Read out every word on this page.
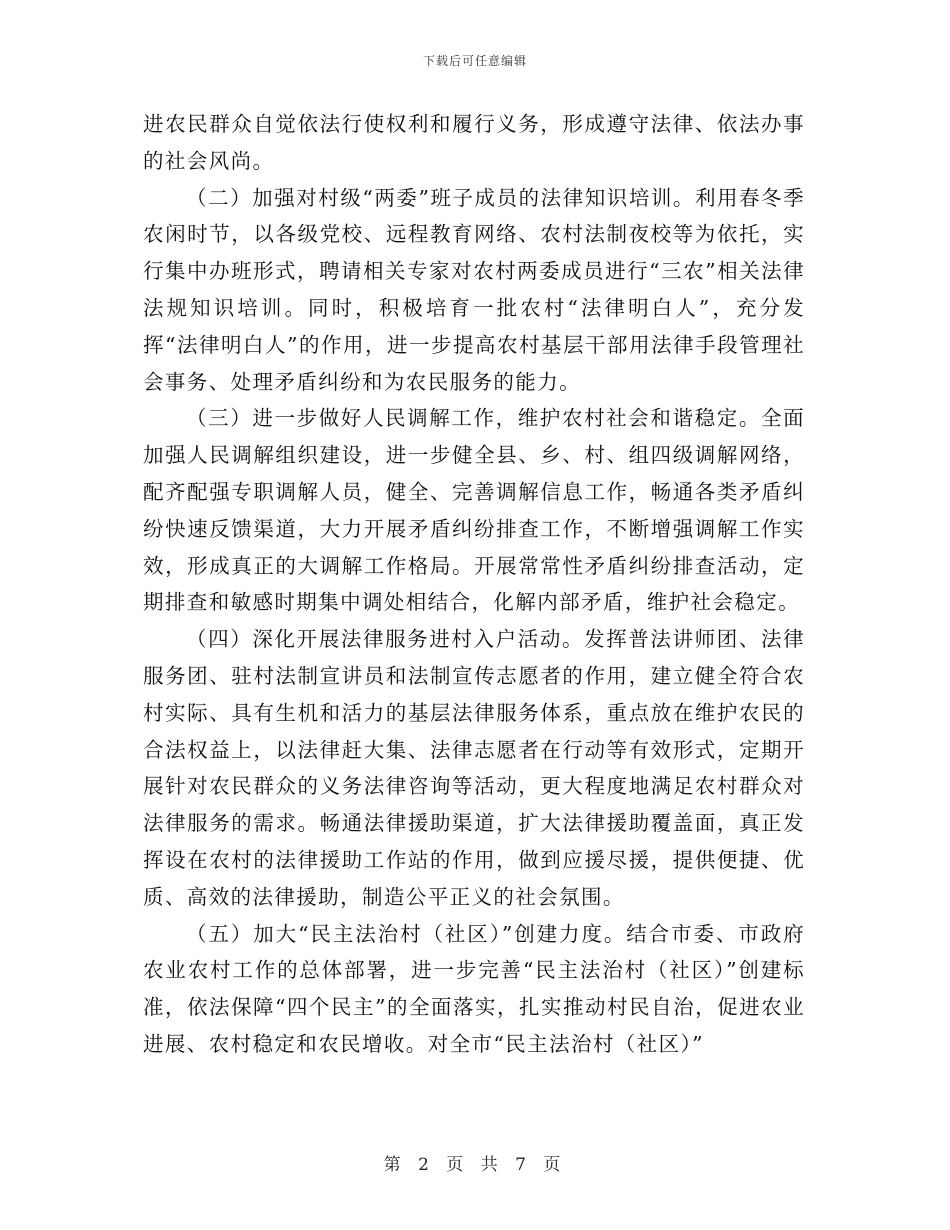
下载后可任意编辑

进农民群众自觉依法行使权利和履行义务，形成遵守法律、依法办事的社会风尚。

（二）加强对村级“两委”班子成员的法律知识培训。利用春冬季农闲时节，以各级党校、远程教育网络、农村法制夜校等为依托，实行集中办班形式，聘请相关专家对农村两委成员进行“三农”相关法律法规知识培训。同时，积极培育一批农村“法律明白人”，充分发挥“法律明白人”的作用，进一步提高农村基层干部用法律手段管理社会事务、处理矛盾纠纷和为农民服务的能力。

（三）进一步做好人民调解工作，维护农村社会和谐稳定。全面加强人民调解组织建设，进一步健全县、乡、村、组四级调解网络，配齐配强专职调解人员，健全、完善调解信息工作，畅通各类矛盾纠纷快速反馈渠道，大力开展矛盾纠纷排查工作，不断增强调解工作实效，形成真正的大调解工作格局。开展常常性矛盾纠纷排查活动，定期排查和敏感时期集中调处相结合，化解内部矛盾，维护社会稳定。

（四）深化开展法律服务进村入户活动。发挥普法讲师团、法律服务团、驻村法制宣讲员和法制宣传志愿者的作用，建立健全符合农村实际、具有生机和活力的基层法律服务体系，重点放在维护农民的合法权益上，以法律赶大集、法律志愿者在行动等有效形式，定期开展针对农民群众的义务法律咨询等活动，更大程度地满足农村群众对法律服务的需求。畅通法律援助渠道，扩大法律援助覆盖面，真正发挥设在农村的法律援助工作站的作用，做到应援尽援，提供便捷、优质、高效的法律援助，制造公平正义的社会氛围。

（五）加大“民主法治村（社区）”创建力度。结合市委、市政府农业农村工作的总体部署，进一步完善“民主法治村（社区）”创建标准，依法保障“四个民主”的全面落实，扎实推动村民自治，促进农业进展、农村稳定和农民增收。对全市“民主法治村（社区）”

第 2 页 共 7 页
